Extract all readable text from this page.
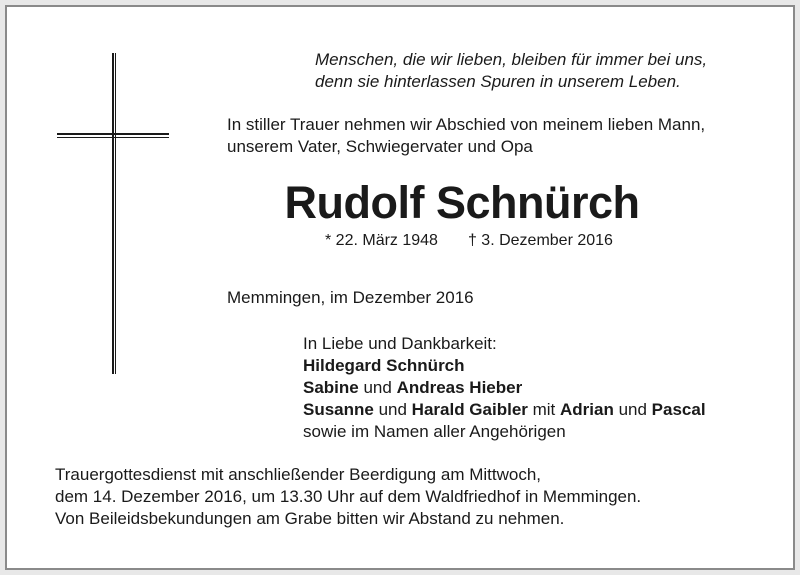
Menschen, die wir lieben, bleiben für immer bei uns,
denn sie hinterlassen Spuren in unserem Leben.
In stiller Trauer nehmen wir Abschied von meinem lieben Mann,
unserem Vater, Schwiegervater und Opa
Rudolf Schnürch
* 22. März 1948 † 3. Dezember 2016
Memmingen, im Dezember 2016
In Liebe und Dankbarkeit:
Hildegard Schnürch
Sabine und Andreas Hieber
Susanne und Harald Gaibler mit Adrian und Pascal
sowie im Namen aller Angehörigen
Trauergottesdienst mit anschließender Beerdigung am Mittwoch,
dem 14. Dezember 2016, um 13.30 Uhr auf dem Waldfriedhof in Memmingen.
Von Beileidsbekundungen am Grabe bitten wir Abstand zu nehmen.
